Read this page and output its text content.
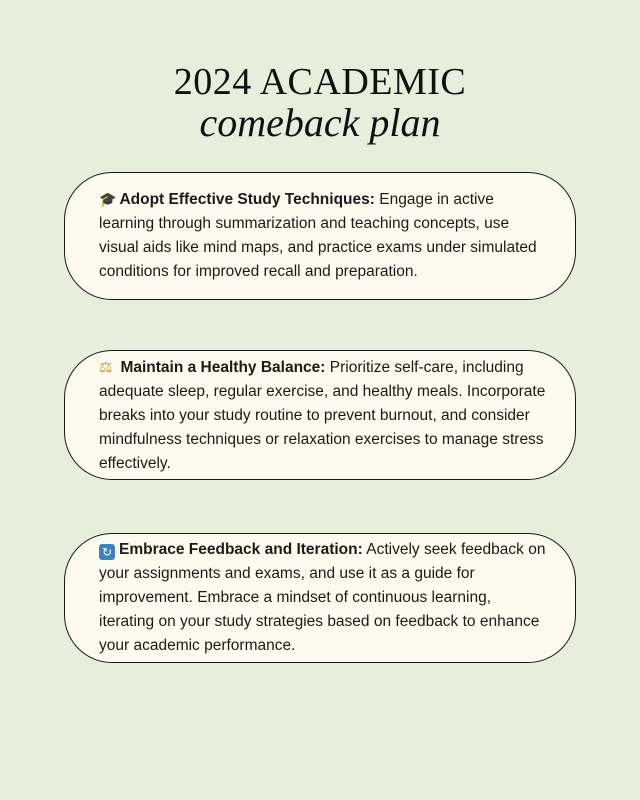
2024 ACADEMIC
comeback plan

🎓 Adopt Effective Study Techniques: Engage in active learning through summarization and teaching concepts, use visual aids like mind maps, and practice exams under simulated conditions for improved recall and preparation.

⚖ Maintain a Healthy Balance: Prioritize self-care, including adequate sleep, regular exercise, and healthy meals. Incorporate breaks into your study routine to prevent burnout, and consider mindfulness techniques or relaxation exercises to manage stress effectively.

↻ Embrace Feedback and Iteration: Actively seek feedback on your assignments and exams, and use it as a guide for improvement. Embrace a mindset of continuous learning, iterating on your study strategies based on feedback to enhance your academic performance.
